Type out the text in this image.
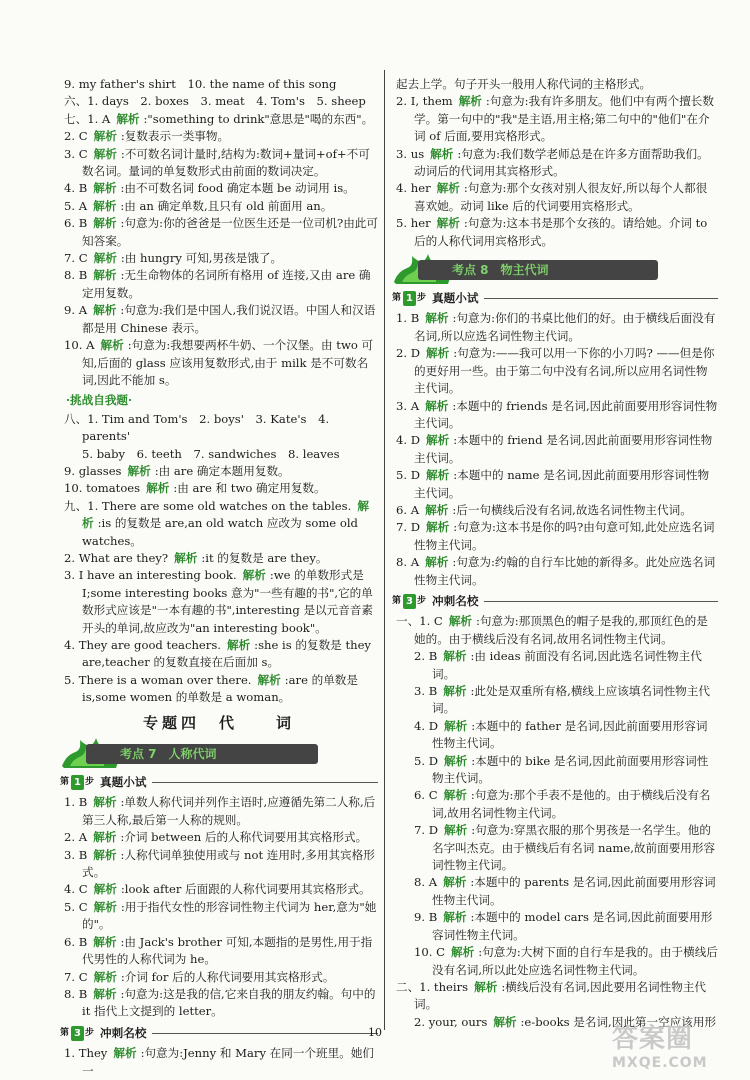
9. my father's shirt　10. the name of this song
六、1. days　2. boxes　3. meat　4. Tom's　5. sheep
七、1. A 解析 :"something to drink"意思是"喝的东西"。
2. C 解析 :复数表示一类事物。
3. C 解析 :不可数名词计量时,结构为:数词+量词+of+不可数名词。量词的单复数形式由前面的数词决定。
4. B 解析 :由不可数名词 food 确定本题 be 动词用 is。
5. A 解析 :由 an 确定单数,且只有 old 前面用 an。
6. B 解析 :句意为:你的爸爸是一位医生还是一位司机?由此可知答案。
7. C 解析 :由 hungry 可知,男孩是饿了。
8. B 解析 :无生命物体的名词所有格用 of 连接,又由 are 确定用复数。
9. A 解析 :句意为:我们是中国人,我们说汉语。中国人和汉语都是用 Chinese 表示。
10. A 解析 :句意为:我想要两杯牛奶、一个汉堡。由 two 可知,后面的 glass 应该用复数形式,由于 milk 是不可数名词,因此不能加 s。
·挑战自我题·
八、1. Tim and Tom's　2. boys'　3. Kate's　4. parents'
5. baby　6. teeth　7. sandwiches　8. leaves
9. glasses 解析 :由 are 确定本题用复数。
10. tomatoes 解析 :由 are 和 two 确定用复数。
九、1. There are some old watches on the tables. 解析 :is 的复数是 are,an old watch 应改为 some old watches。
2. What are they? 解析 :it 的复数是 are they。
3. I have an interesting book. 解析 :we 的单数形式是 I;some interesting books 意为"一些有趣的书",它的单数形式应该是"一本有趣的书",interesting 是以元音音素开头的单词,故应改为"an interesting book"。
4. They are good teachers. 解析 :she is 的复数是 they are,teacher 的复数直接在后面加 s。
5. There is a woman over there. 解析 :are 的单数是 is,some women 的单数是 a woman。
专题四　代　　词
考点 7　人称代词
第 1 步 真题小试
1. B 解析 :单数人称代词并列作主语时,应遵循先第二人称,后第三人称,最后第一人称的规则。
2. A 解析 :介词 between 后的人称代词要用其宾格形式。
3. B 解析 :人称代词单独使用或与 not 连用时,多用其宾格形式。
4. C 解析 :look after 后面跟的人称代词要用其宾格形式。
5. C 解析 :用于指代女性的形容词性物主代词为 her,意为"她的"。
6. B 解析 :由 Jack's brother 可知,本题指的是男性,用于指代男性的人称代词为 he。
7. C 解析 :介词 for 后的人称代词要用其宾格形式。
8. B 解析 :句意为:这是我的信,它来自我的朋友约翰。句中的 it 指代上文提到的 letter。
第 3 步 冲刺名校
1. They 解析 :句意为:Jenny 和 Mary 在同一个班里。她们一
起去上学。句子开头一般用人称代词的主格形式。
2. I, them 解析 :句意为:我有许多朋友。他们中有两个擅长数学。第一句中的"我"是主语,用主格;第二句中的"他们"在介词 of 后面,要用宾格形式。
3. us 解析 :句意为:我们数学老师总是在许多方面帮助我们。动词后的代词用其宾格形式。
4. her 解析 :句意为:那个女孩对别人很友好,所以每个人都很喜欢她。动词 like 后的代词要用宾格形式。
5. her 解析 :句意为:这本书是那个女孩的。请给她。介词 to 后的人称代词用宾格形式。
考点 8　物主代词
第 1 步 真题小试
1. B 解析 :句意为:你们的书桌比他们的好。由于横线后面没有名词,所以应选名词性物主代词。
2. D 解析 :句意为:——我可以用一下你的小刀吗? ——但是你的更好用一些。由于第二句中没有名词,所以应用名词性物主代词。
3. A 解析 :本题中的 friends 是名词,因此前面要用形容词性物主代词。
4. D 解析 :本题中的 friend 是名词,因此前面要用形容词性物主代词。
5. D 解析 :本题中的 name 是名词,因此前面要用形容词性物主代词。
6. A 解析 :后一句横线后没有名词,故选名词性物主代词。
7. D 解析 :句意为:这本书是你的吗?由句意可知,此处应选名词性物主代词。
8. A 解析 :句意为:约翰的自行车比她的新得多。此处应选名词性物主代词。
第 3 步 冲刺名校
一、1. C 解析 :句意为:那顶黑色的帽子是我的,那顶红色的是她的。由于横线后没有名词,故用名词性物主代词。
2. B 解析 :由 ideas 前面没有名词,因此选名词性物主代词。
3. B 解析 :此处是双重所有格,横线上应该填名词性物主代词。
4. D 解析 :本题中的 father 是名词,因此前面要用形容词性物主代词。
5. D 解析 :本题中的 bike 是名词,因此前面要用形容词性物主代词。
6. C 解析 :句意为:那个手表不是他的。由于横线后没有名词,故用名词性物主代词。
7. D 解析 :句意为:穿黑衣服的那个男孩是一名学生。他的名字叫杰克。由于横线后有名词 name,故前面要用形容词性物主代词。
8. A 解析 :本题中的 parents 是名词,因此前面要用形容词性物主代词。
9. B 解析 :本题中的 model cars 是名词,因此前面要用形容词性物主代词。
10. C 解析 :句意为:大树下面的自行车是我的。由于横线后没有名词,所以此处应选名词性物主代词。
二、1. theirs 解析 :横线后没有名词,因此要用名词性物主代词。
2. your, ours 解析 :e-books 是名词,因此第一空应该用形
10	答案圈
MXQE.COM
